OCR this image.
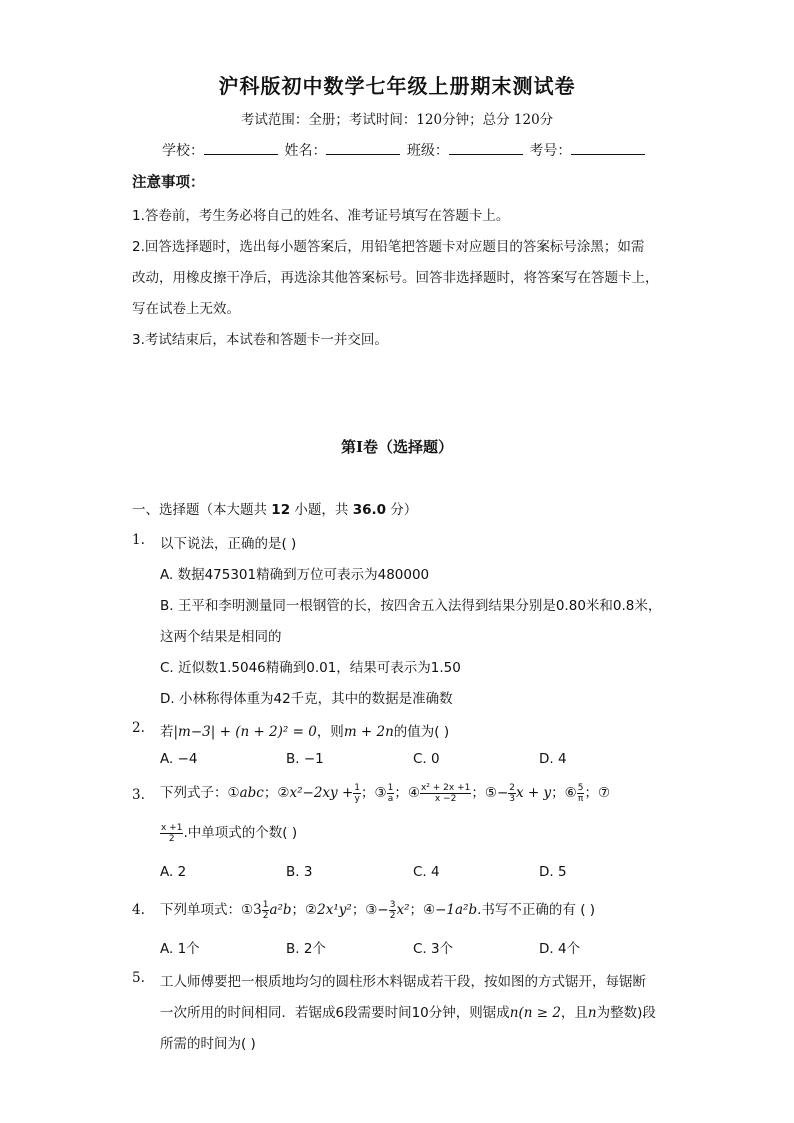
沪科版初中数学七年级上册期末测试卷
考试范围：全册；考试时间：120分钟；总分 120分
学校：	姓名：	班级：	考号：
注意事项：
1.答卷前，考生务必将自己的姓名、准考证号填写在答题卡上。
2.回答选择题时，选出每小题答案后，用铅笔把答题卡对应题目的答案标号涂黑；如需
改动，用橡皮擦干净后，再选涂其他答案标号。回答非选择题时，将答案写在答题卡上，
写在试卷上无效。
3.考试结束后，本试卷和答题卡一并交回。
第Ⅰ卷（选择题）
一、选择题（本大题共 12 小题，共 36.0 分）
1. 以下说法，正确的是( )
A. 数据475301精确到万位可表示为480000
B. 王平和李明测量同一根钢管的长，按四舍五入法得到结果分别是0.80米和0.8米，
这两个结果是相同的
C. 近似数1.5046精确到0.01，结果可表示为1.50
D. 小林称得体重为42千克，其中的数据是准确数
2. 若|m−3| + (n + 2)² = 0，则m + 2n的值为( )
A. −4	B. −1	C. 0	D. 4
3. 下列式子：①abc；②x²−2xy + $\frac{1}{y}$ ；③ $\frac{1}{a}$ ；④ $\frac{\text{x² + 2x +1}}{x -2}$ ；⑤− $\frac{2}{3}$ x + y；⑥ $\frac{5}{\pi}$ ；⑦
$\frac{x +1}{2}$ .中单项式的个数( )
A. 2	B. 3	C. 4	D. 5
4. 下列单项式：①3 $\frac{1}{2} a^2b$；②2x¹y²；③− $\frac{3}{2} x^2$；④−1a²b.书写不正确的有 ( )
A. 1个	B. 2个	C. 3个	D. 4个
5. 工人师傅要把一根质地均匀的圆柱形木料锯成若干段，按如图的方式锯开，每锯断
一次所用的时间相同．若锯成6段需要时间10分钟，则锯成n(n ≥ 2，且n为整数)段
所需的时间为( )
